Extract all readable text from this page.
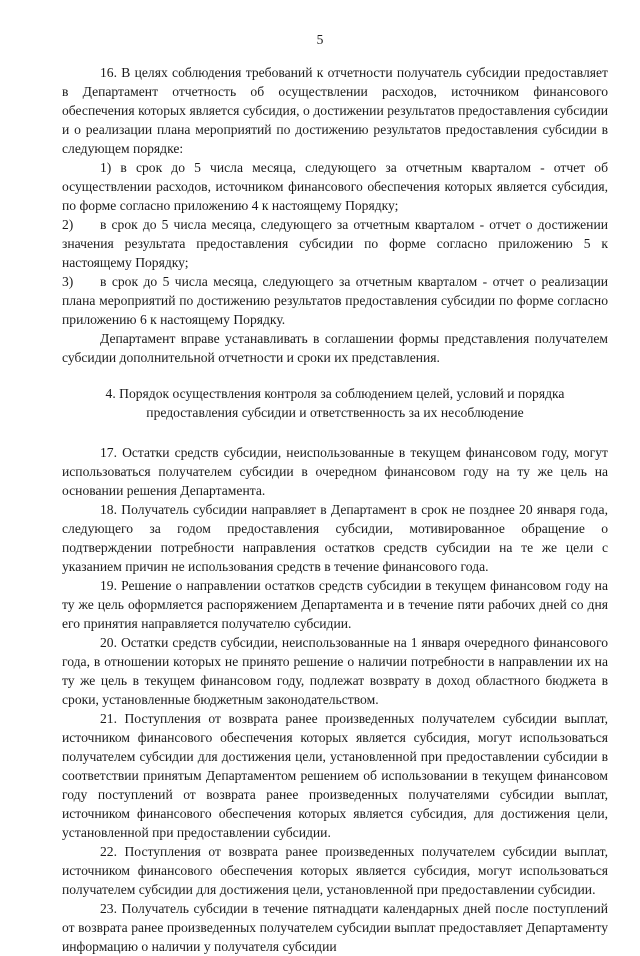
5

16. В целях соблюдения требований к отчетности получатель субсидии предоставляет в Департамент отчетность об осуществлении расходов, источником финансового обеспечения которых является субсидия, о достижении результатов предоставления субсидии и о реализации плана мероприятий по достижению результатов предоставления субсидии в следующем порядке:

1) в срок до 5 числа месяца, следующего за отчетным кварталом - отчет об осуществлении расходов, источником финансового обеспечения которых является субсидия, по форме согласно приложению 4 к настоящему Порядку;

2) в срок до 5 числа месяца, следующего за отчетным кварталом - отчет о достижении значения результата предоставления субсидии по форме согласно приложению 5 к настоящему Порядку;

3) в срок до 5 числа месяца, следующего за отчетным кварталом - отчет о реализации плана мероприятий по достижению результатов предоставления субсидии по форме согласно приложению 6 к настоящему Порядку.

Департамент вправе устанавливать в соглашении формы представления получателем субсидии дополнительной отчетности и сроки их представления.

4. Порядок осуществления контроля за соблюдением целей, условий и порядка предоставления субсидии и ответственность за их несоблюдение

17. Остатки средств субсидии, неиспользованные в текущем финансовом году, могут использоваться получателем субсидии в очередном финансовом году на ту же цель на основании решения Департамента.

18. Получатель субсидии направляет в Департамент в срок не позднее 20 января года, следующего за годом предоставления субсидии, мотивированное обращение о подтверждении потребности направления остатков средств субсидии на те же цели с указанием причин не использования средств в течение финансового года.

19. Решение о направлении остатков средств субсидии в текущем финансовом году на ту же цель оформляется распоряжением Департамента и в течение пяти рабочих дней со дня его принятия направляется получателю субсидии.

20. Остатки средств субсидии, неиспользованные на 1 января очередного финансового года, в отношении которых не принято решение о наличии потребности в направлении их на ту же цель в текущем финансовом году, подлежат возврату в доход областного бюджета в сроки, установленные бюджетным законодательством.

21. Поступления от возврата ранее произведенных получателем субсидии выплат, источником финансового обеспечения которых является субсидия, могут использоваться получателем субсидии для достижения цели, установленной при предоставлении субсидии в соответствии принятым Департаментом решением об использовании в текущем финансовом году поступлений от возврата ранее произведенных получателями субсидии выплат, источником финансового обеспечения которых является субсидия, для достижения цели, установленной при предоставлении субсидии.

22. Поступления от возврата ранее произведенных получателем субсидии выплат, источником финансового обеспечения которых является субсидия, могут использоваться получателем субсидии для достижения цели, установленной при предоставлении субсидии.

23. Получатель субсидии в течение пятнадцати календарных дней после поступлений от возврата ранее произведенных получателем субсидии выплат предоставляет Департаменту информацию о наличии у получателя субсидии
